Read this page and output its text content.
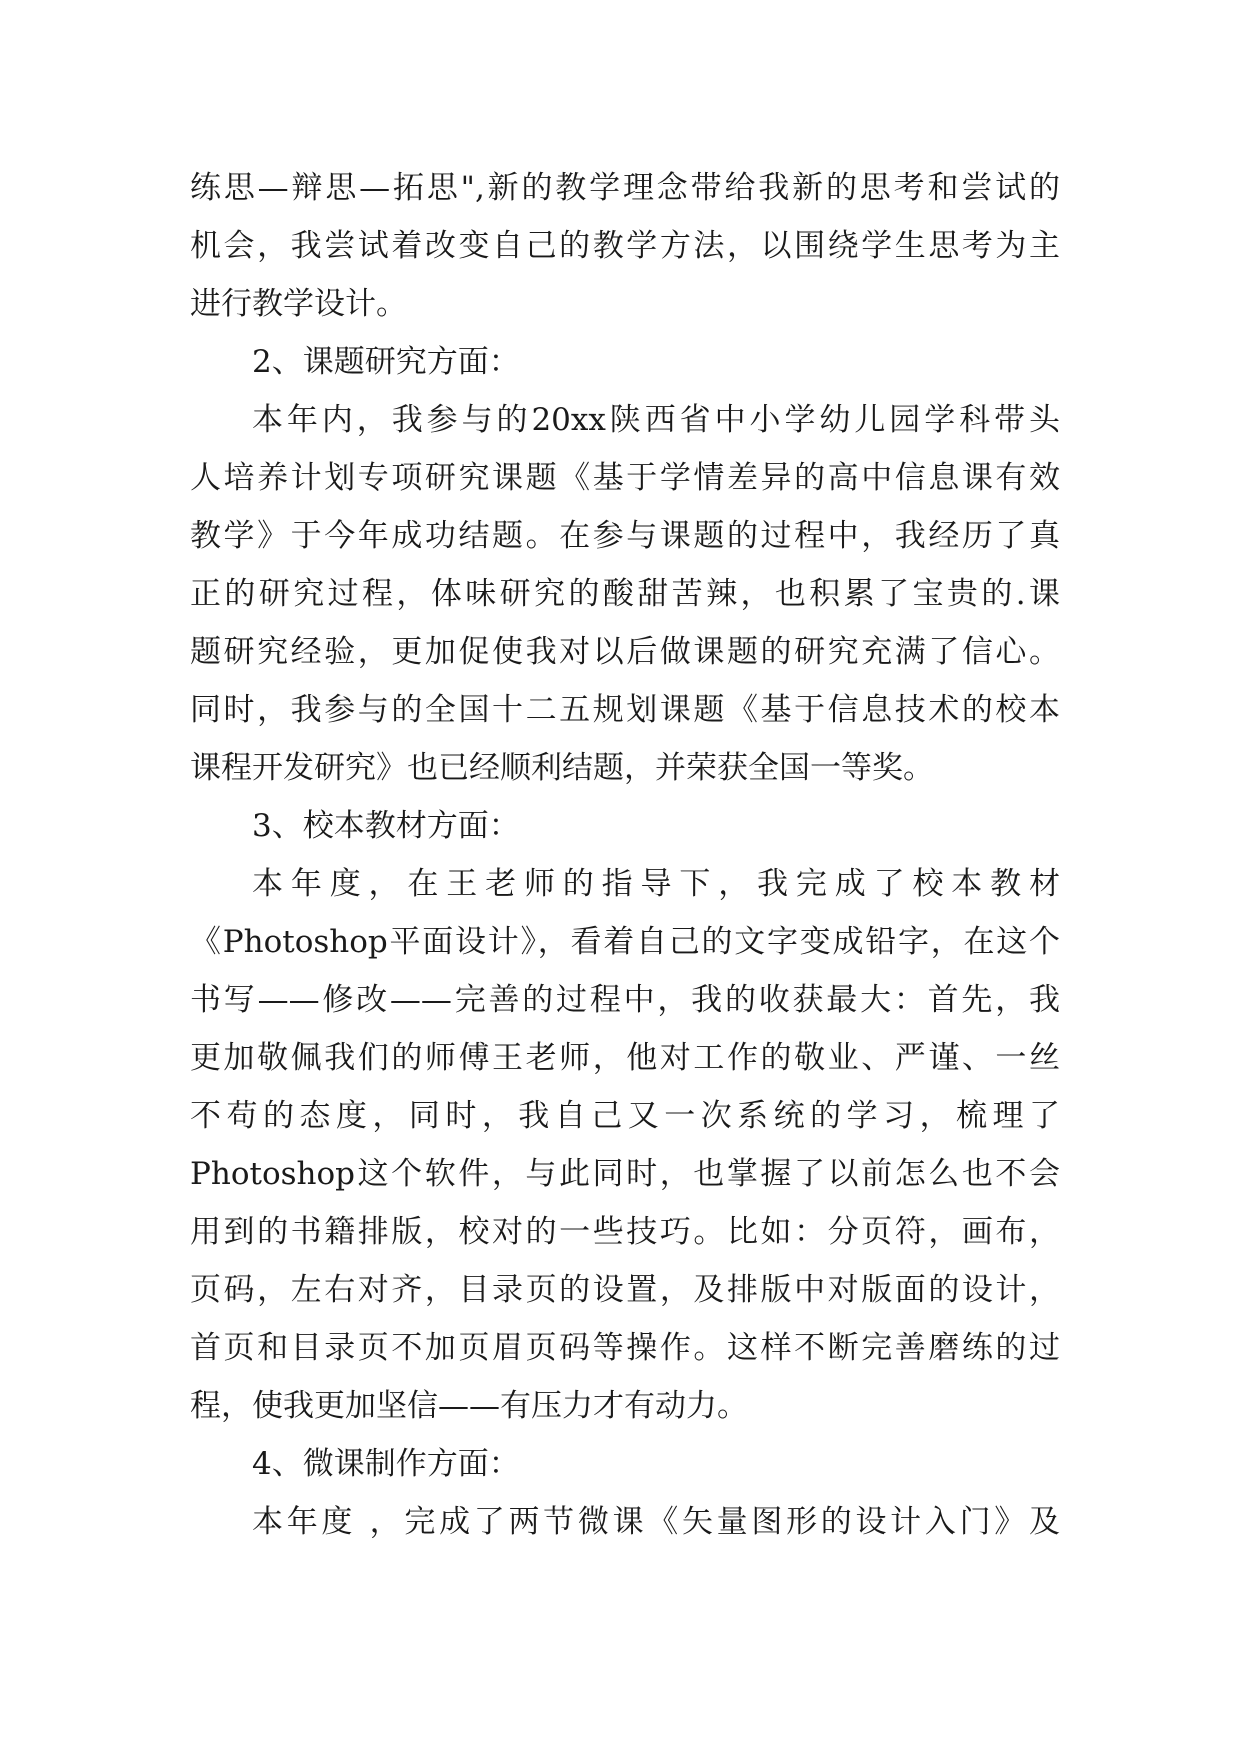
练思—辩思—拓思",新的教学理念带给我新的思考和尝试的
机会，我尝试着改变自己的教学方法，以围绕学生思考为主
进行教学设计。
2、课题研究方面：
本年内，我参与的20xx陕西省中小学幼儿园学科带头
人培养计划专项研究课题《基于学情差异的高中信息课有效
教学》于今年成功结题。在参与课题的过程中，我经历了真
正的研究过程，体味研究的酸甜苦辣，也积累了宝贵的.课
题研究经验，更加促使我对以后做课题的研究充满了信心。
同时，我参与的全国十二五规划课题《基于信息技术的校本
课程开发研究》也已经顺利结题，并荣获全国一等奖。
3、校本教材方面：
本年度，在王老师的指导下，我完成了校本教材
《Photoshop平面设计》，看着自己的文字变成铅字，在这个
书写——修改——完善的过程中，我的收获最大：首先，我
更加敬佩我们的师傅王老师，他对工作的敬业、严谨、一丝
不苟的态度，同时，我自己又一次系统的学习，梳理了
Photoshop这个软件，与此同时，也掌握了以前怎么也不会
用到的书籍排版，校对的一些技巧。比如：分页符，画布，
页码，左右对齐，目录页的设置，及排版中对版面的设计，
首页和目录页不加页眉页码等操作。这样不断完善磨练的过
程，使我更加坚信——有压力才有动力。
4、微课制作方面：
本年度 ，完成了两节微课《矢量图形的设计入门》及
